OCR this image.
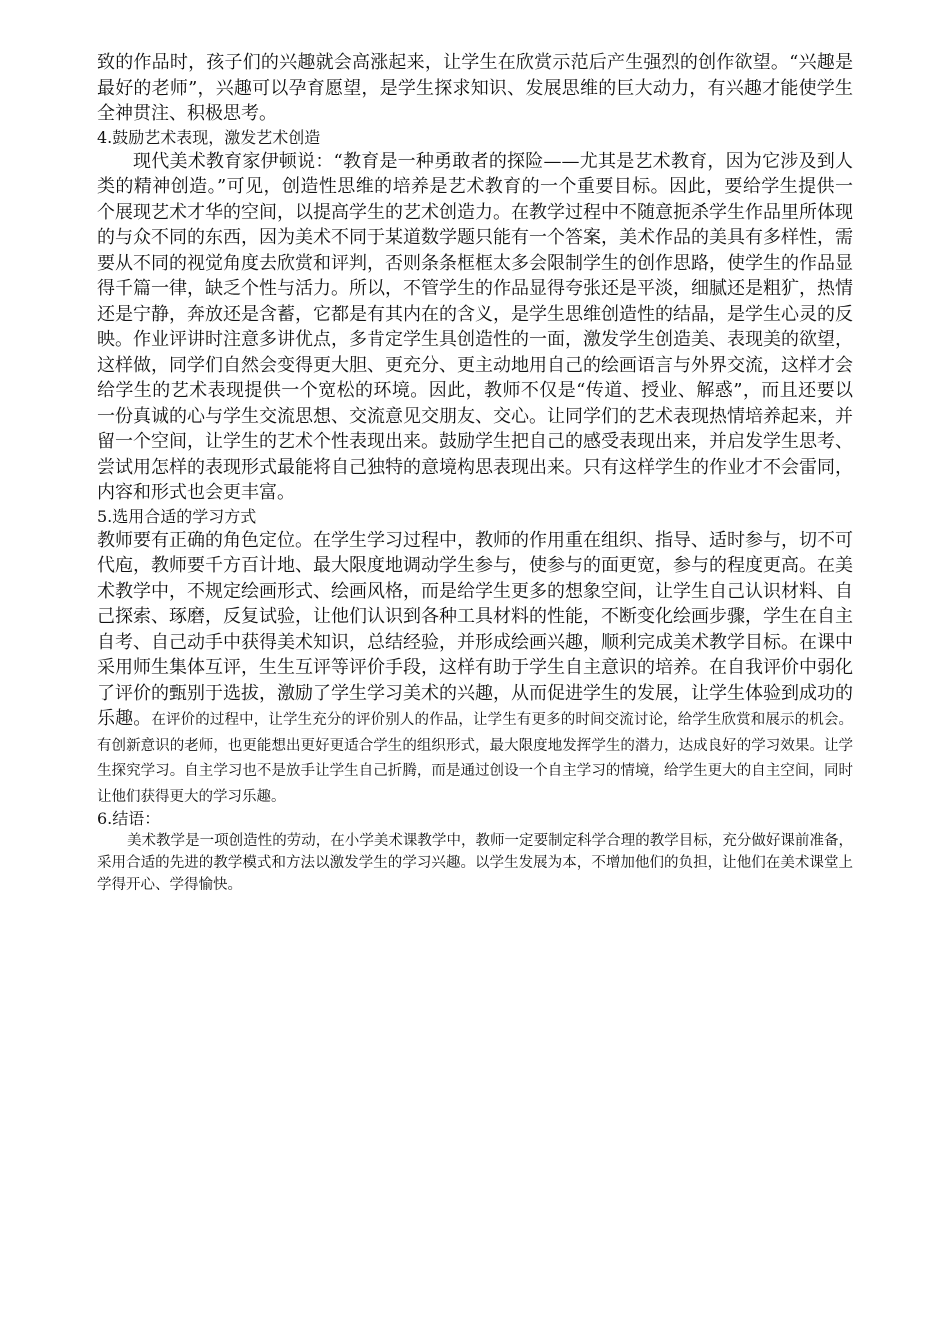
致的作品时，孩子们的兴趣就会高涨起来，让学生在欣赏示范后产生强烈的创作欲望。“兴趣是最好的老师”，兴趣可以孕育愿望，是学生探求知识、发展思维的巨大动力，有兴趣才能使学生全神贯注、积极思考。

4.鼓励艺术表现，激发艺术创造

现代美术教育家伊顿说：“教育是一种勇敢者的探险——尤其是艺术教育，因为它涉及到人类的精神创造。”可见，创造性思维的培养是艺术教育的一个重要目标。因此，要给学生提供一个展现艺术才华的空间，以提高学生的艺术创造力。在教学过程中不随意扼杀学生作品里所体现的与众不同的东西，因为美术不同于某道数学题只能有一个答案，美术作品的美具有多样性，需要从不同的视觉角度去欣赏和评判，否则条条框框太多会限制学生的创作思路，使学生的作品显得千篇一律，缺乏个性与活力。所以，不管学生的作品显得夸张还是平淡，细腻还是粗犷，热情还是宁静，奔放还是含蓄，它都是有其内在的含义，是学生思维创造性的结晶，是学生心灵的反映。作业评讲时注意多讲优点，多肯定学生具创造性的一面，激发学生创造美、表现美的欲望，这样做，同学们自然会变得更大胆、更充分、更主动地用自己的绘画语言与外界交流，这样才会给学生的艺术表现提供一个宽松的环境。因此，教师不仅是“传道、授业、解惑”，而且还要以一份真诚的心与学生交流思想、交流意见交朋友、交心。让同学们的艺术表现热情培养起来，并留一个空间，让学生的艺术个性表现出来。鼓励学生把自己的感受表现出来，并启发学生思考、尝试用怎样的表现形式最能将自己独特的意境构思表现出来。只有这样学生的作业才不会雷同，内容和形式也会更丰富。

5.选用合适的学习方式

教师要有正确的角色定位。在学生学习过程中，教师的作用重在组织、指导、适时参与，切不可代庖，教师要千方百计地、最大限度地调动学生参与，使参与的面更宽，参与的程度更高。在美术教学中，不规定绘画形式、绘画风格，而是给学生更多的想象空间，让学生自己认识材料、自己探索、琢磨，反复试验，让他们认识到各种工具材料的性能，不断变化绘画步骤，学生在自主自考、自己动手中获得美术知识，总结经验，并形成绘画兴趣，顺利完成美术教学目标。在课中采用师生集体互评，生生互评等评价手段，这样有助于学生自主意识的培养。在自我评价中弱化了评价的甄别于选拔，激励了学生学习美术的兴趣，从而促进学生的发展，让学生体验到成功的乐趣。在评价的过程中，让学生充分的评价别人的作品，让学生有更多的时间交流讨论，给学生欣赏和展示的机会。有创新意识的老师，也更能想出更好更适合学生的组织形式，最大限度地发挥学生的潜力，达成良好的学习效果。让学生探究学习。自主学习也不是放手让学生自己折腾，而是通过创设一个自主学习的情境，给学生更大的自主空间，同时让他们获得更大的学习乐趣。

6.结语：

美术教学是一项创造性的劳动，在小学美术课教学中，教师一定要制定科学合理的教学目标，充分做好课前准备，采用合适的先进的教学模式和方法以激发学生的学习兴趣。以学生发展为本，不增加他们的负担，让他们在美术课堂上学得开心、学得愉快。
